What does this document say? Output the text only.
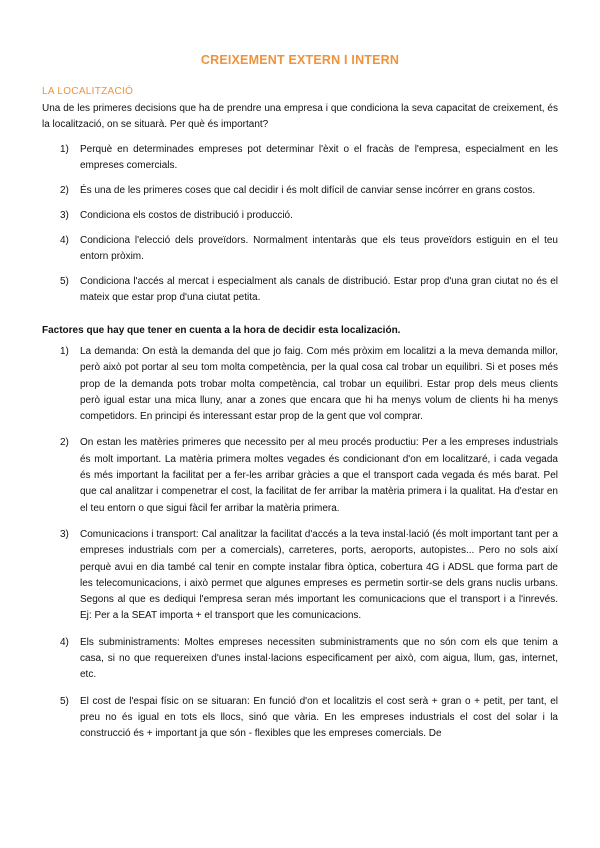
CREIXEMENT EXTERN I INTERN
LA LOCALITZACIÓ

Una de les primeres decisions que ha de prendre una empresa i que condiciona la seva capacitat de creixement, és la localització, on se situarà. Per què és important?

1) Perquè en determinades empreses pot determinar l'èxit o el fracàs de l'empresa, especialment en les empreses comercials.
2) És una de les primeres coses que cal decidir i és molt difícil de canviar sense incórrer en grans costos.
3) Condiciona els costos de distribució i producció.
4) Condiciona l'elecció dels proveïdors. Normalment intentaràs que els teus proveïdors estiguin en el teu entorn pròxim.
5) Condiciona l'accés al mercat i especialment als canals de distribució. Estar prop d'una gran ciutat no és el mateix que estar prop d'una ciutat petita.
Factores que hay que tener en cuenta a la hora de decidir esta localización.
1) La demanda: On està la demanda del que jo faig. Com més pròxim em localitzi a la meva demanda millor, però això pot portar al seu tom molta competència, per la qual cosa cal trobar un equilibri. Si et poses més prop de la demanda pots trobar molta competència, cal trobar un equilibri. Estar prop dels meus clients però igual estar una mica lluny, anar a zones que encara que hi ha menys volum de clients hi ha menys competidors. En principi és interessant estar prop de la gent que vol comprar.
2) On estan les matèries primeres que necessito per al meu procés productiu: Per a les empreses industrials és molt important. La matèria primera moltes vegades és condicionant d'on em localitzaré, i cada vegada és més important la facilitat per a fer-les arribar gràcies a que el transport cada vegada és més barat. Pel que cal analitzar i compenetrar el cost, la facilitat de fer arribar la matèria primera i la qualitat. Ha d'estar en el teu entorn o que sigui fàcil fer arribar la matèria primera.
3) Comunicacions i transport: Cal analitzar la facilitat d'accés a la teva instal·lació (és molt important tant per a empreses industrials com per a comercials), carreteres, ports, aeroports, autopistes... Pero no sols així perquè avui en dia també cal tenir en compte instalar fibra òptica, cobertura 4G i ADSL que forma part de les telecomunicacions, i això permet que algunes empreses es permetin sortir-se dels grans nuclis urbans. Segons al que es dediqui l'empresa seran més important les comunicacions que el transport i a l'inrevés. Ej: Per a la SEAT importa + el transport que les comunicacions.
4) Els subministraments: Moltes empreses necessiten subministraments que no són com els que tenim a casa, si no que requereixen d'unes instal·lacions especificament per això, com aigua, llum, gas, internet, etc.
5) El cost de l'espai físic on se situaran: En funció d'on et localitzis el cost serà + gran o + petit, per tant, el preu no és igual en tots els llocs, sinó que vària. En les empreses industrials el cost del solar i la construcció és + important ja que són - flexibles que les empreses comercials. De
